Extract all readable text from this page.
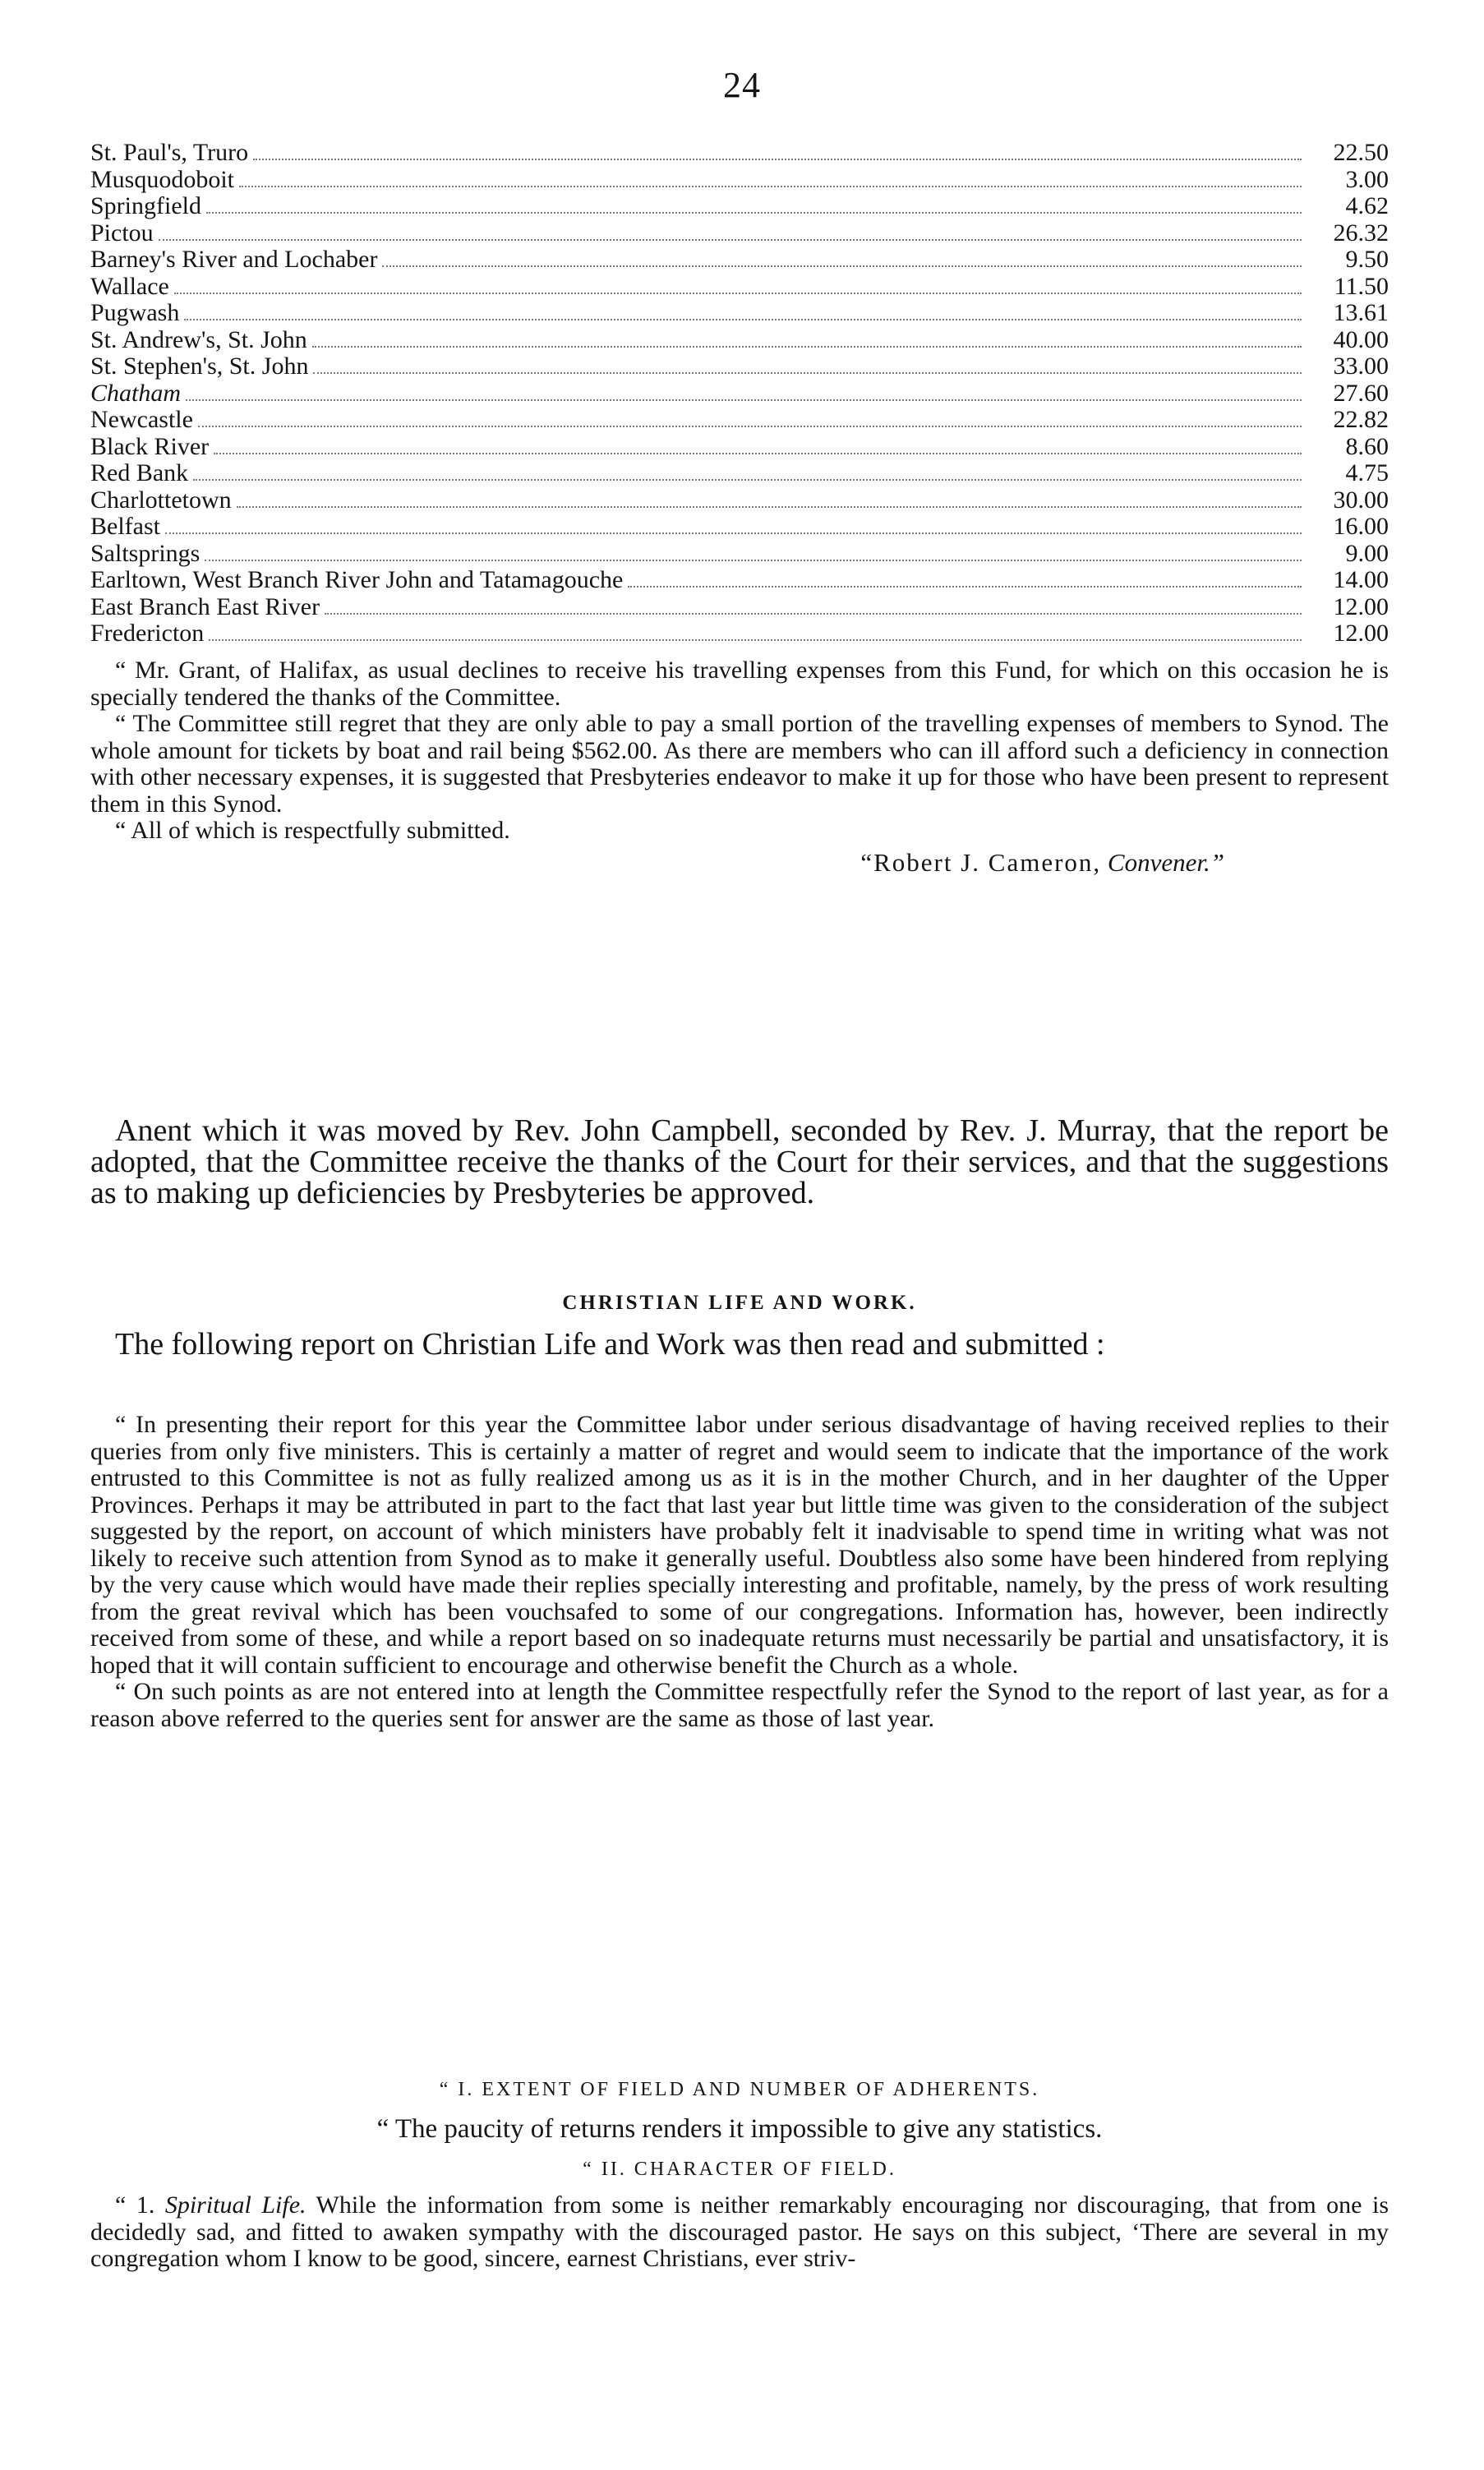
24
St. Paul's, Truro	22.50
Musquodoboit	3.00
Springfield	4.62
Pictou	26.32
Barney's River and Lochaber	9.50
Wallace	11.50
Pugwash	13.61
St. Andrew's, St. John	40.00
St. Stephen's, St. John	33.00
Chatham	27.60
Newcastle	22.82
Black River	8.60
Red Bank	4.75
Charlottetown	30.00
Belfast	16.00
Saltsprings	9.00
Earltown, West Branch River John and Tatamagouche	14.00
East Branch East River	12.00
Fredericton	12.00

“ Mr. Grant, of Halifax, as usual declines to receive his travelling expenses from this Fund, for which on this occasion he is specially tendered the thanks of the Committee.

“ The Committee still regret that they are only able to pay a small portion of the travelling expenses of members to Synod. The whole amount for tickets by boat and rail being $562.00. As there are members who can ill afford such a deficiency in connection with other necessary expenses, it is suggested that Presbyteries endeavor to make it up for those who have been present to represent them in this Synod.

“ All of which is respectfully submitted.

“Robert J. Cameron, Convener.”

Anent which it was moved by Rev. John Campbell, seconded by Rev. J. Murray, that the report be adopted, that the Committee receive the thanks of the Court for their services, and that the suggestions as to making up deficiencies by Presbyteries be approved.

CHRISTIAN LIFE AND WORK.

The following report on Christian Life and Work was then read and submitted :

“ In presenting their report for this year the Committee labor under serious disadvantage of having received replies to their queries from only five ministers. This is certainly a matter of regret and would seem to indicate that the importance of the work entrusted to this Committee is not as fully realized among us as it is in the mother Church, and in her daughter of the Upper Provinces. Perhaps it may be attributed in part to the fact that last year but little time was given to the consideration of the subject suggested by the report, on account of which ministers have probably felt it inadvisable to spend time in writing what was not likely to receive such attention from Synod as to make it generally useful. Doubtless also some have been hindered from replying by the very cause which would have made their replies specially interesting and profitable, namely, by the press of work resulting from the great revival which has been vouchsafed to some of our congregations. Information has, however, been indirectly received from some of these, and while a report based on so inadequate returns must necessarily be partial and unsatisfactory, it is hoped that it will contain sufficient to encourage and otherwise benefit the Church as a whole.

“ On such points as are not entered into at length the Committee respectfully refer the Synod to the report of last year, as for a reason above referred to the queries sent for answer are the same as those of last year.

“ I. EXTENT OF FIELD AND NUMBER OF ADHERENTS.

“ The paucity of returns renders it impossible to give any statistics.

“ II. CHARACTER OF FIELD.

“ 1. Spiritual Life. While the information from some is neither remarkably encouraging nor discouraging, that from one is decidedly sad, and fitted to awaken sympathy with the discouraged pastor. He says on this subject, ‘There are several in my congregation whom I know to be good, sincere, earnest Christians, ever striv-
